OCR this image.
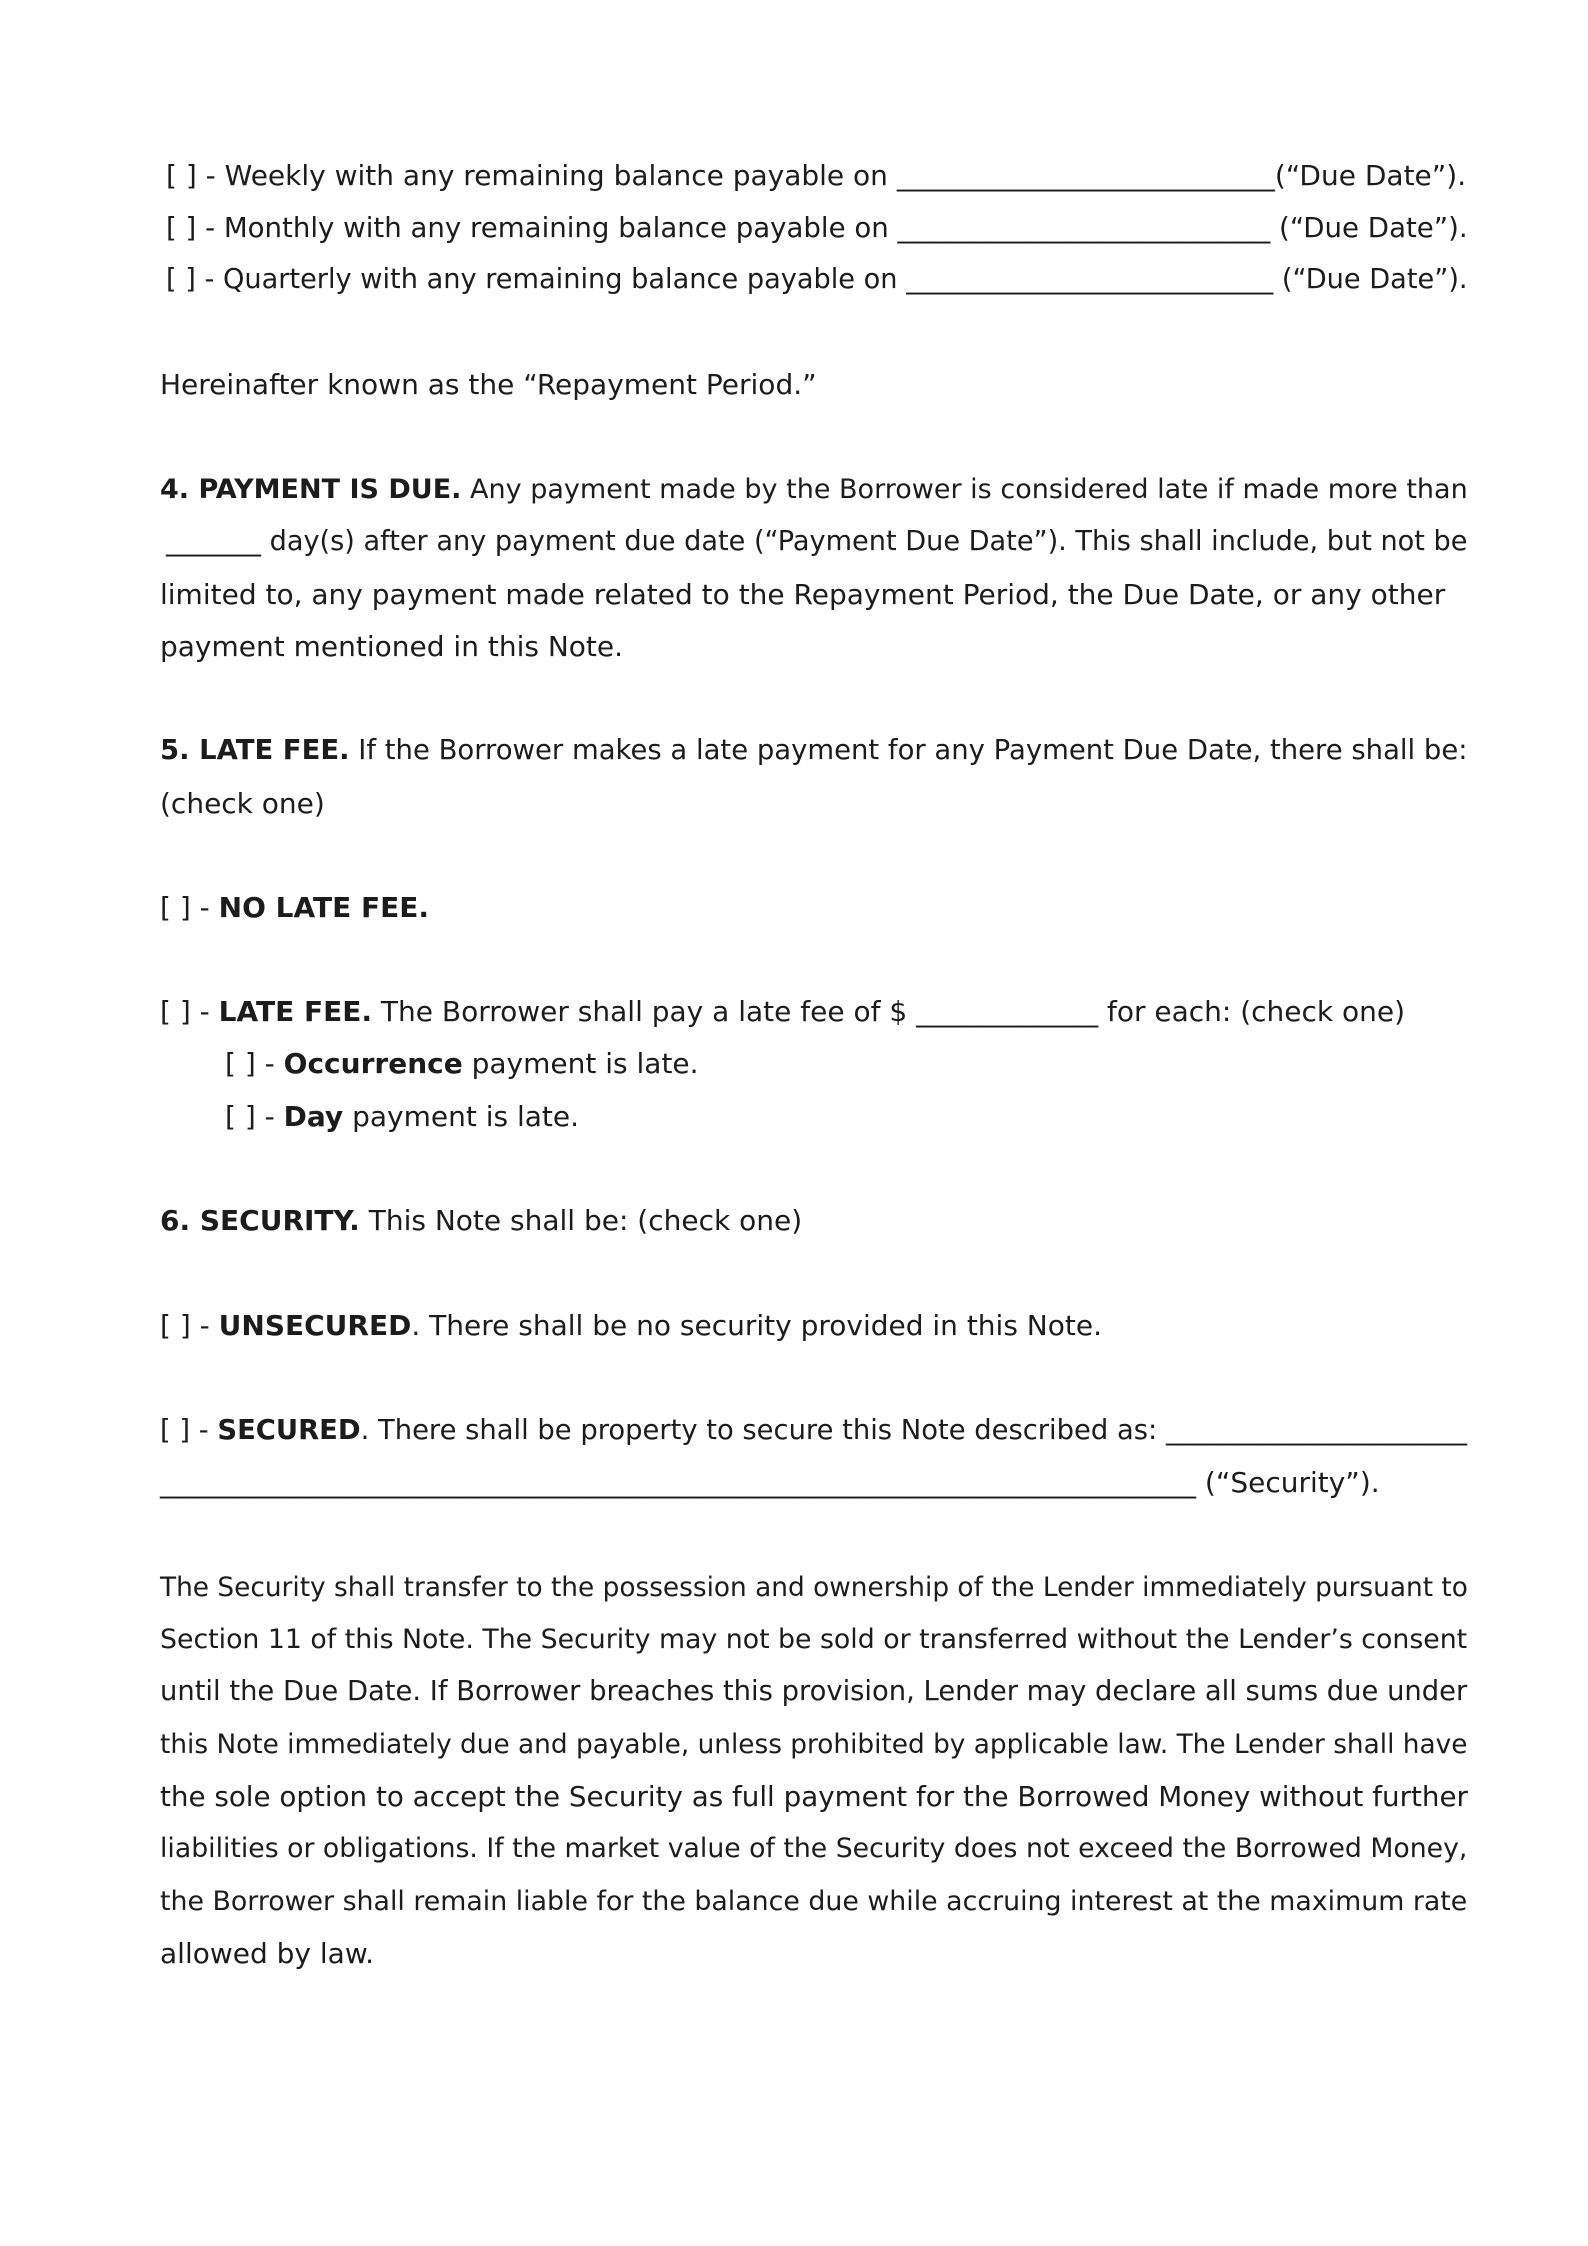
[ ] - Weekly with any remaining balance payable on ___________________________(“Due Date”).
[ ] - Monthly with any remaining balance payable on ___________________________ (“Due Date”).
[ ] - Quarterly with any remaining balance payable on ___________________________ (“Due Date”).
Hereinafter known as the “Repayment Period.”
4. PAYMENT IS DUE. Any payment made by the Borrower is considered late if made more than
_______ day(s) after any payment due date (“Payment Due Date”). This shall include, but not be
limited to, any payment made related to the Repayment Period, the Due Date, or any other
payment mentioned in this Note.
5. LATE FEE. If the Borrower makes a late payment for any Payment Due Date, there shall be:
(check one)
[ ] - NO LATE FEE.
[ ] - LATE FEE. The Borrower shall pay a late fee of $ _____________ for each: (check one)
[ ] - Occurrence payment is late.
[ ] - Day payment is late.
6. SECURITY. This Note shall be: (check one)
[ ] - UNSECURED. There shall be no security provided in this Note.
[ ] - SECURED. There shall be property to secure this Note described as: ______________________
__________________________________________________________________________ (“Security”).
The Security shall transfer to the possession and ownership of the Lender immediately pursuant to
Section 11 of this Note. The Security may not be sold or transferred without the Lender’s consent
until the Due Date. If Borrower breaches this provision, Lender may declare all sums due under
this Note immediately due and payable, unless prohibited by applicable law. The Lender shall have
the sole option to accept the Security as full payment for the Borrowed Money without further
liabilities or obligations. If the market value of the Security does not exceed the Borrowed Money,
the Borrower shall remain liable for the balance due while accruing interest at the maximum rate
allowed by law.
